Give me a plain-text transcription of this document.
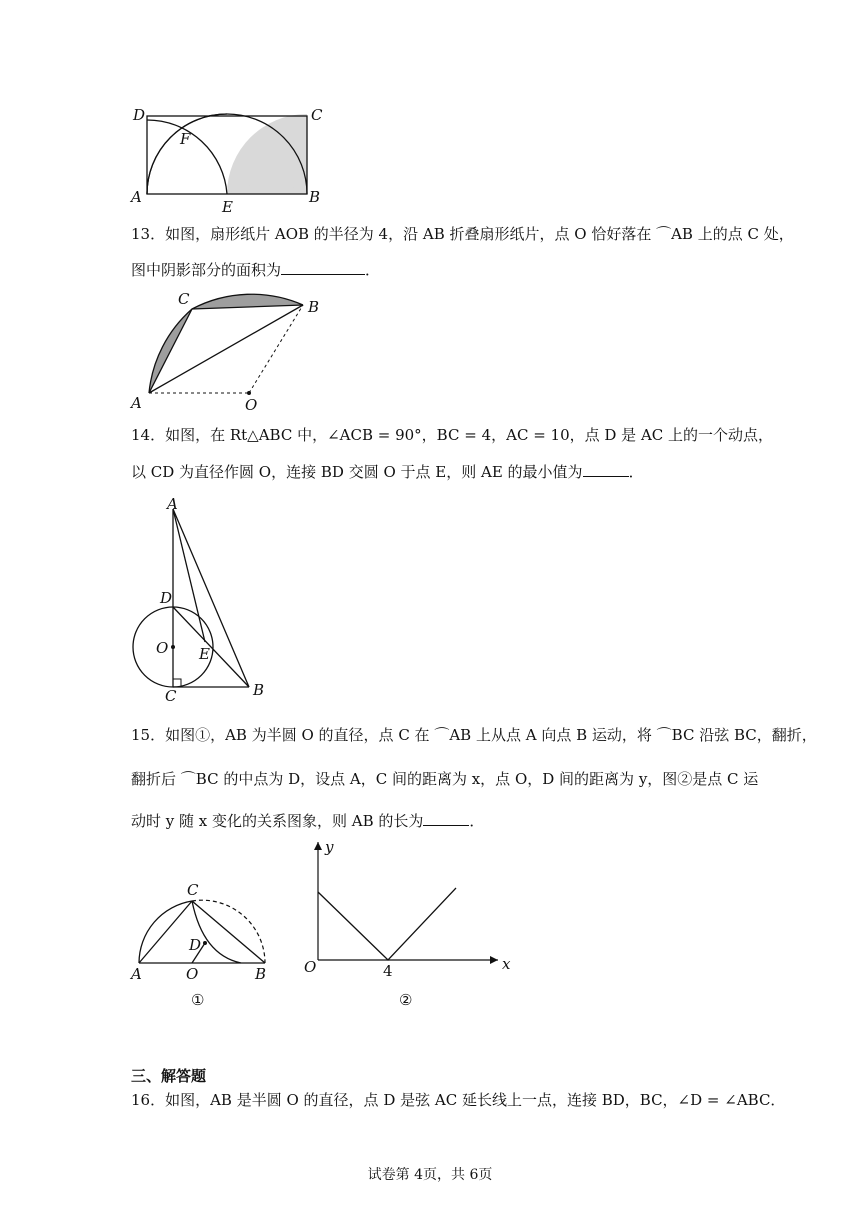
D	C
F
A
E
B
13．如图，扇形纸片 AOB 的半径为 4，沿 AB 折叠扇形纸片，点 O 恰好落在 ⌒AB 上的点 C 处，
图中阴影部分的面积为	．
C	B
A	O
14．如图，在 Rt△ABC 中，∠ACB = 90°，BC = 4，AC = 10，点 D 是 AC 上的一个动点，
以 CD 为直径作圆 O，连接 BD 交圆 O 于点 E，则 AE 的最小值为	．
A
D
O E
C	B
15．如图①，AB 为半圆 O 的直径，点 C 在 ⌒AB 上从点 A 向点 B 运动，将 ⌒BC 沿弦 BC，翻折，
翻折后 ⌒BC 的中点为 D，设点 A，C 间的距离为 x，点 O，D 间的距离为 y，图②是点 C 运
动时 y 随 x 变化的关系图象，则 AB 的长为	．
C
D
A	O	B
①
y
x
O	4
②
三、解答题
16．如图，AB 是半圆 O 的直径，点 D 是弦 AC 延长线上一点，连接 BD，BC，∠D = ∠ABC．
试卷第 4页，共 6页
